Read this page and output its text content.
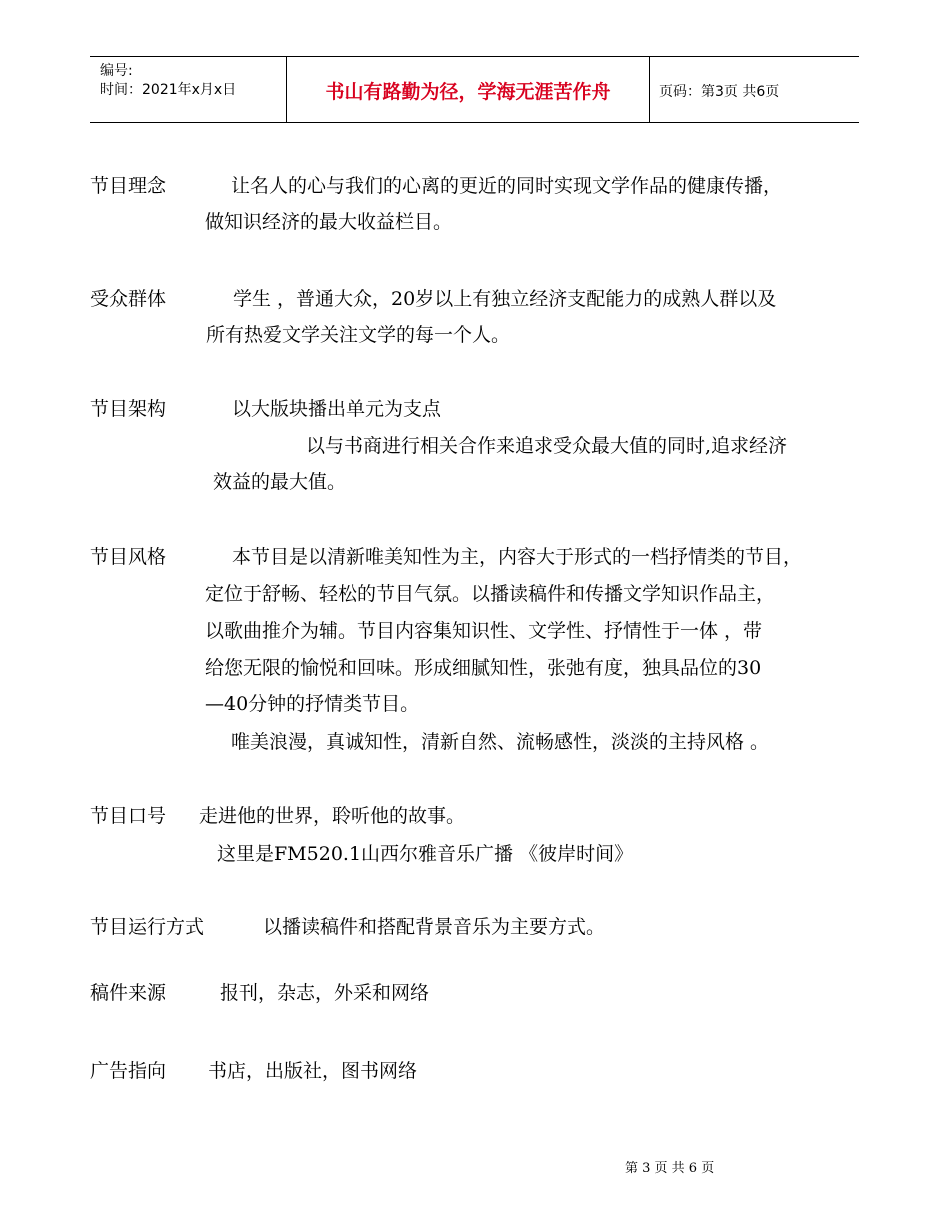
编号:
时间：2021年x月x日	书山有路勤为径，学海无涯苦作舟	页码：第3页 共6页
节目理念	让名人的心与我们的心离的更近的同时实现文学作品的健康传播，
做知识经济的最大收益栏目。
受众群体	学生 ，普通大众，20岁以上有独立经济支配能力的成熟人群以及
所有热爱文学关注文学的每一个人。
节目架构	以大版块播出单元为支点
以与书商进行相关合作来追求受众最大值的同时,追求经济
效益的最大值。
节目风格	本节目是以清新唯美知性为主，内容大于形式的一档抒情类的节目，
定位于舒畅、轻松的节目气氛。以播读稿件和传播文学知识作品主，
以歌曲推介为辅。节目内容集知识性、文学性、抒情性于一体 ，带
给您无限的愉悦和回味。形成细腻知性，张弛有度，独具品位的30
—40分钟的抒情类节目。
唯美浪漫，真诚知性，清新自然、流畅感性，淡淡的主持风格 。
节目口号 走进他的世界，聆听他的故事。
这里是FM520.1山西尔雅音乐广播 《彼岸时间》
节目运行方式	以播读稿件和搭配背景音乐为主要方式。
稿件来源	报刊，杂志，外采和网络
广告指向 书店，出版社，图书网络
第 3 页 共 6 页
